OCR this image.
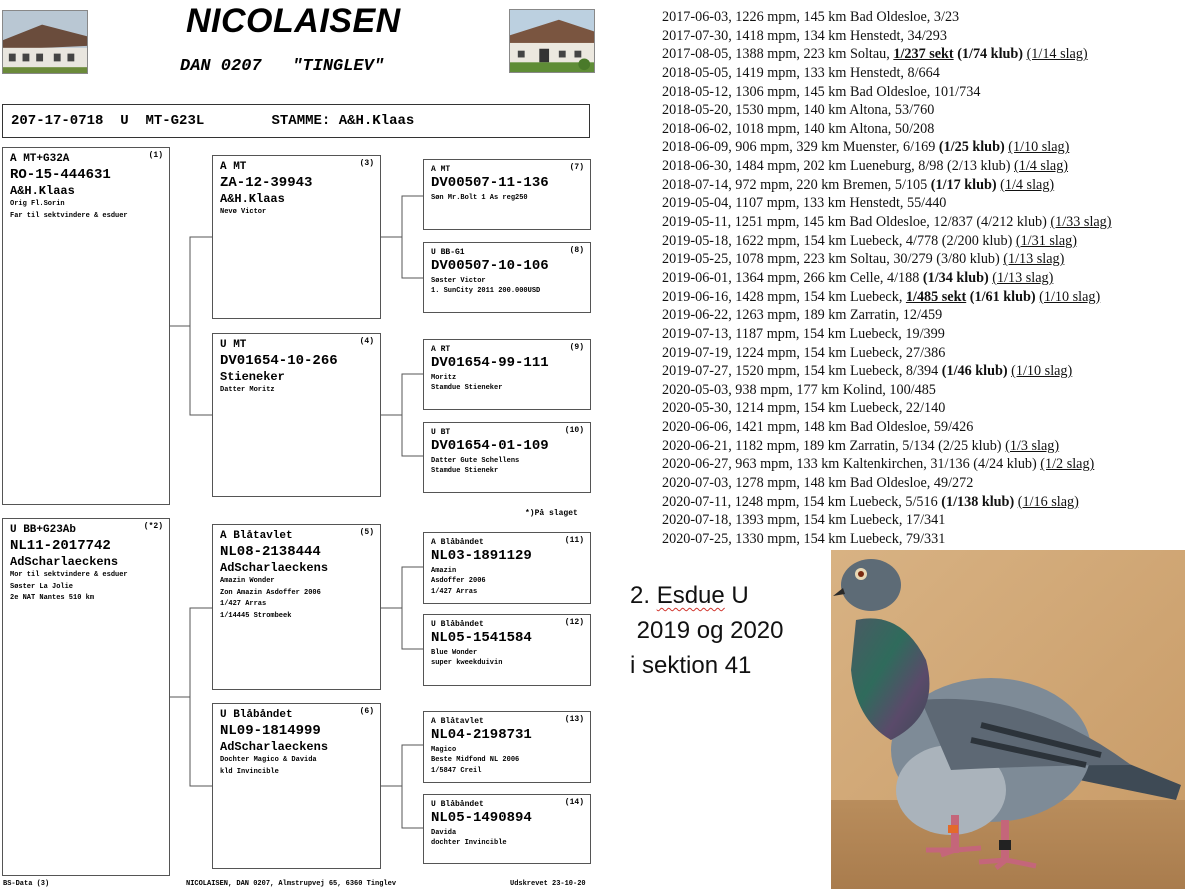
NICOLAISEN
DAN 0207   "TINGLEV"
207-17-0718 U MT-G23L	STAMME: A&H.Klaas
(1)
A MT+G32A
RO-15-444631
A&H.Klaas
Orig Fl.Sorin
Far til sektvindere & esduer
(*2)
U BB+G23Ab
NL11-2017742
AdScharlaeckens
Mor til sektvindere & esduer
Søster La Jolie
2e NAT Nantes 510 km
(3)
A MT
ZA-12-39943
A&H.Klaas
Nevø Victor
(4)
U MT
DV01654-10-266
Stieneker
Datter Moritz
(5)
A Blåtavlet
NL08-2138444
AdScharlaeckens
Amazin Wonder
Zon Amazin Asdoffer 2006
1/427 Arras
1/14445 Strombeek
(6)
U Blåbåndet
NL09-1814999
AdScharlaeckens
Dochter Magico & Davida
kld Invincible
(7)
A MT
DV00507-11-136
Søn Mr.Bolt 1 As reg250
(8)
U BB-G1
DV00507-10-106
Søster Victor
1. SunCity 2011 200.000USD
(9)
A RT
DV01654-99-111
Moritz
Stamdue Stieneker
(10)
U BT
DV01654-01-109
Datter Gute Schellens
Stamdue Stienekr
*)På slaget
(11)
A Blåbåndet
NL03-1891129
Amazin
Asdoffer 2006
1/427 Arras
(12)
U Blåbåndet
NL05-1541584
Blue Wonder
super kweekduivin
(13)
A Blåtavlet
NL04-2198731
Magico
Beste Midfond NL 2006
1/5847 Creil
(14)
U Blåbåndet
NL05-1490894
Davida
dochter Invincible
BS-Data (3)	NICOLAISEN, DAN 0207, Almstrupvej 65, 6360 Tinglev	Udskrevet 23-10-20
2017-06-03, 1226 mpm, 145 km Bad Oldesloe, 3/23
2017-07-30, 1418 mpm, 134 km Henstedt, 34/293
2017-08-05, 1388 mpm, 223 km Soltau, 1/237 sekt (1/74 klub) (1/14 slag)
2018-05-05, 1419 mpm, 133 km Henstedt, 8/664
2018-05-12, 1306 mpm, 145 km Bad Oldesloe, 101/734
2018-05-20, 1530 mpm, 140 km Altona, 53/760
2018-06-02, 1018 mpm, 140 km Altona, 50/208
2018-06-09, 906 mpm, 329 km Muenster, 6/169 (1/25 klub) (1/10 slag)
2018-06-30, 1484 mpm, 202 km Lueneburg, 8/98 (2/13 klub) (1/4 slag)
2018-07-14, 972 mpm, 220 km Bremen, 5/105 (1/17 klub) (1/4 slag)
2019-05-04, 1107 mpm, 133 km Henstedt, 55/440
2019-05-11, 1251 mpm, 145 km Bad Oldesloe, 12/837 (4/212 klub) (1/33 slag)
2019-05-18, 1622 mpm, 154 km Luebeck, 4/778 (2/200 klub) (1/31 slag)
2019-05-25, 1078 mpm, 223 km Soltau, 30/279 (3/80 klub) (1/13 slag)
2019-06-01, 1364 mpm, 266 km Celle, 4/188 (1/34 klub) (1/13 slag)
2019-06-16, 1428 mpm, 154 km Luebeck, 1/485 sekt (1/61 klub) (1/10 slag)
2019-06-22, 1263 mpm, 189 km Zarratin, 12/459
2019-07-13, 1187 mpm, 154 km Luebeck, 19/399
2019-07-19, 1224 mpm, 154 km Luebeck, 27/386
2019-07-27, 1520 mpm, 154 km Luebeck, 8/394 (1/46 klub) (1/10 slag)
2020-05-03, 938 mpm, 177 km Kolind, 100/485
2020-05-30, 1214 mpm, 154 km Luebeck, 22/140
2020-06-06, 1421 mpm, 148 km Bad Oldesloe, 59/426
2020-06-21, 1182 mpm, 189 km Zarratin, 5/134 (2/25 klub) (1/3 slag)
2020-06-27, 963 mpm, 133 km Kaltenkirchen, 31/136 (4/24 klub) (1/2 slag)
2020-07-03, 1278 mpm, 148 km Bad Oldesloe, 49/272
2020-07-11, 1248 mpm, 154 km Luebeck, 5/516 (1/138 klub) (1/16 slag)
2020-07-18, 1393 mpm, 154 km Luebeck, 17/341
2020-07-25, 1330 mpm, 154 km Luebeck, 79/331
2. Esdue U
2019 og 2020
i sektion 41
